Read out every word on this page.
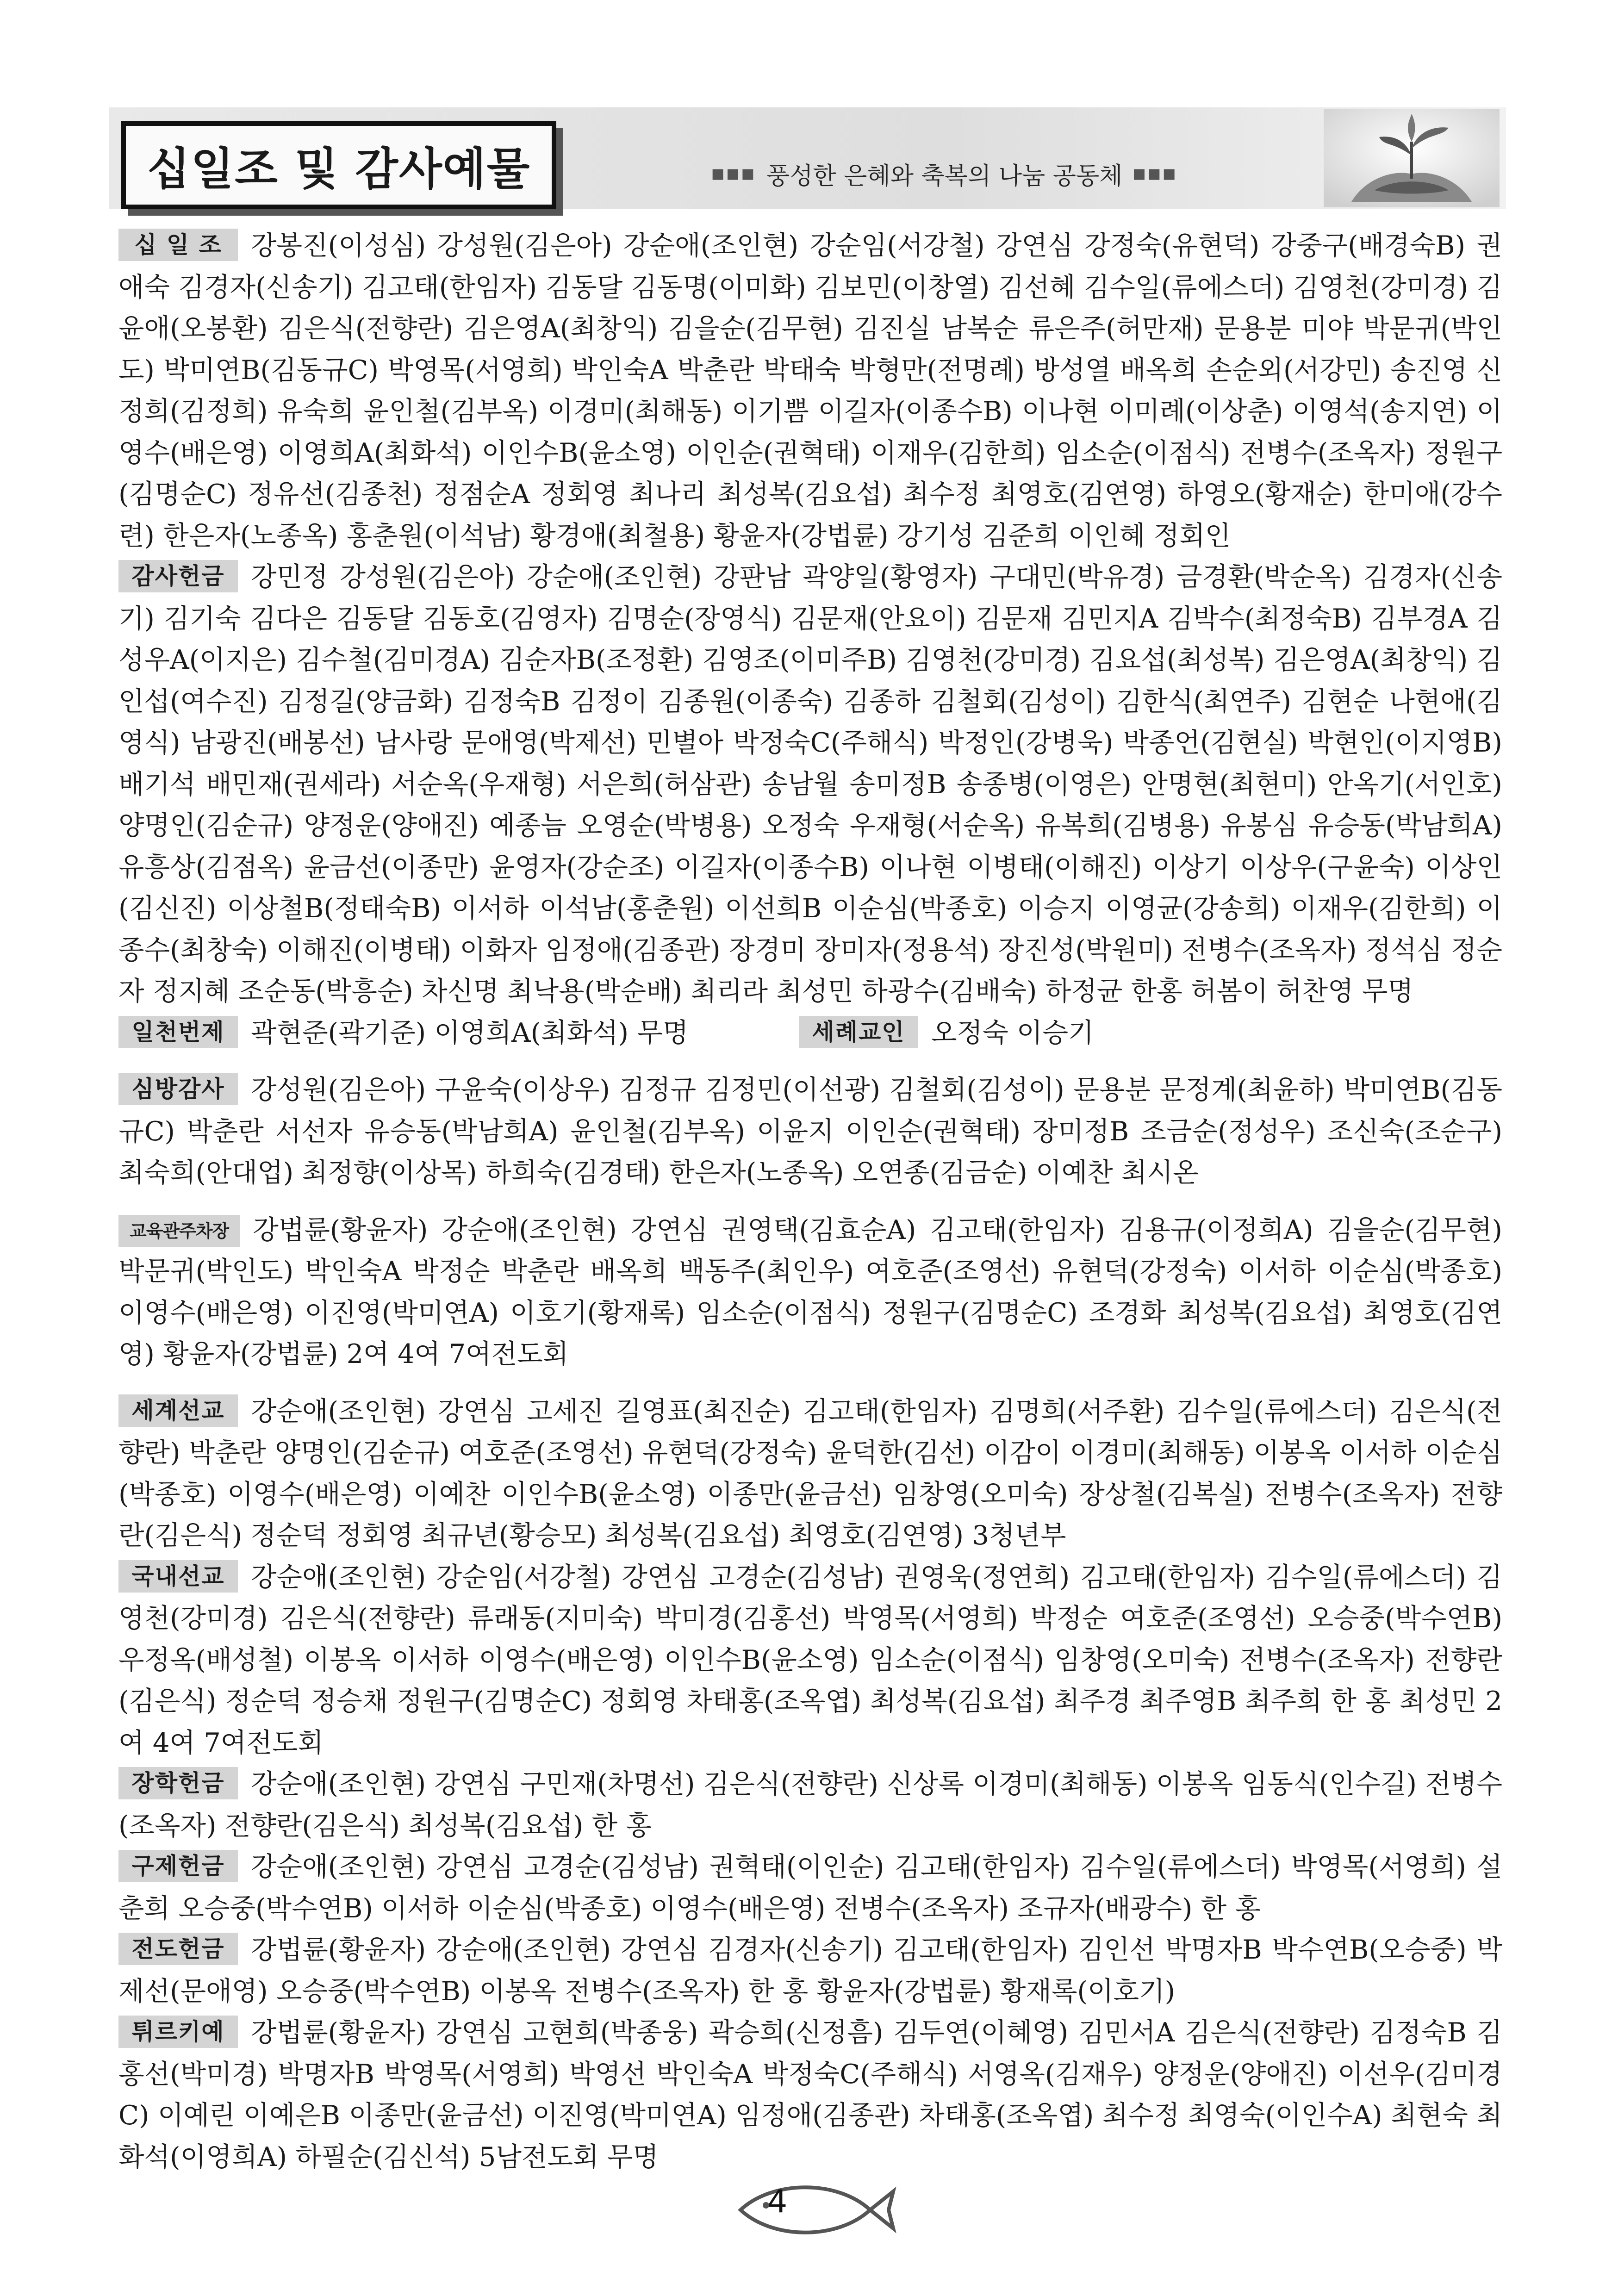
십일조 및 감사예물	■■■ 풍성한 은혜와 축복의 나눔 공동체 ■■■

십 일 조 강봉진(이성심) 강성원(김은아) 강순애(조인현) 강순임(서강철) 강연심 강정숙(유현덕) 강중구(배경숙B) 권애숙 김경자(신송기) 김고태(한임자) 김동달 김동명(이미화) 김보민(이창열) 김선혜 김수일(류에스더) 김영천(강미경) 김윤애(오봉환) 김은식(전향란) 김은영A(최창익) 김을순(김무현) 김진실 남복순 류은주(허만재) 문용분 미야 박문귀(박인도) 박미연B(김동규C) 박영목(서영희) 박인숙A 박춘란 박태숙 박형만(전명례) 방성열 배옥희 손순외(서강민) 송진영 신정희(김정희) 유숙희 윤인철(김부옥) 이경미(최해동) 이기쁨 이길자(이종수B) 이나현 이미례(이상춘) 이영석(송지연) 이영수(배은영) 이영희A(최화석) 이인수B(윤소영) 이인순(권혁태) 이재우(김한희) 임소순(이점식) 전병수(조옥자) 정원구(김명순C) 정유선(김종천) 정점순A 정회영 최나리 최성복(김요섭) 최수정 최영호(김연영) 하영오(황재순) 한미애(강수련) 한은자(노종옥) 홍춘원(이석남) 황경애(최철용) 황윤자(강법륜) 강기성 김준희 이인혜 정회인

감사헌금 강민정 강성원(김은아) 강순애(조인현) 강판남 곽양일(황영자) 구대민(박유경) 금경환(박순옥) 김경자(신송기) 김기숙 김다은 김동달 김동호(김영자) 김명순(장영식) 김문재(안요이) 김문재 김민지A 김박수(최정숙B) 김부경A 김성우A(이지은) 김수철(김미경A) 김순자B(조정환) 김영조(이미주B) 김영천(강미경) 김요섭(최성복) 김은영A(최창익) 김인섭(여수진) 김정길(양금화) 김정숙B 김정이 김종원(이종숙) 김종하 김철회(김성이) 김한식(최연주) 김현순 나현애(김영식) 남광진(배봉선) 남사랑 문애영(박제선) 민별아 박정숙C(주해식) 박정인(강병욱) 박종언(김현실) 박현인(이지영B) 배기석 배민재(권세라) 서순옥(우재형) 서은희(허삼관) 송남월 송미정B 송종병(이영은) 안명현(최현미) 안옥기(서인호) 양명인(김순규) 양정운(양애진) 예종늠 오영순(박병용) 오정숙 우재형(서순옥) 유복희(김병용) 유봉심 유승동(박남희A) 유흥상(김점옥) 윤금선(이종만) 윤영자(강순조) 이길자(이종수B) 이나현 이병태(이해진) 이상기 이상우(구윤숙) 이상인(김신진) 이상철B(정태숙B) 이서하 이석남(홍춘원) 이선희B 이순심(박종호) 이승지 이영균(강송희) 이재우(김한희) 이종수(최창숙) 이해진(이병태) 이화자 임정애(김종관) 장경미 장미자(정용석) 장진성(박원미) 전병수(조옥자) 정석심 정순자 정지혜 조순동(박흥순) 차신명 최낙용(박순배) 최리라 최성민 하광수(김배숙) 하정균 한홍 허봄이 허찬영 무명

일천번제 곽현준(곽기준) 이영희A(최화석) 무명	세례교인 오정숙 이승기

심방감사 강성원(김은아) 구윤숙(이상우) 김정규 김정민(이선광) 김철회(김성이) 문용분 문정계(최윤하) 박미연B(김동규C) 박춘란 서선자 유승동(박남희A) 윤인철(김부옥) 이윤지 이인순(권혁태) 장미정B 조금순(정성우) 조신숙(조순구) 최숙희(안대업) 최정향(이상목) 하희숙(김경태) 한은자(노종옥) 오연종(김금순) 이예찬 최시온

교육관주차장 강법륜(황윤자) 강순애(조인현) 강연심 권영택(김효순A) 김고태(한임자) 김용규(이정희A) 김을순(김무현) 박문귀(박인도) 박인숙A 박정순 박춘란 배옥희 백동주(최인우) 여호준(조영선) 유현덕(강정숙) 이서하 이순심(박종호) 이영수(배은영) 이진영(박미연A) 이호기(황재록) 임소순(이점식) 정원구(김명순C) 조경화 최성복(김요섭) 최영호(김연영) 황윤자(강법륜) 2여 4여 7여전도회

세계선교 강순애(조인현) 강연심 고세진 길영표(최진순) 김고태(한임자) 김명희(서주환) 김수일(류에스더) 김은식(전향란) 박춘란 양명인(김순규) 여호준(조영선) 유현덕(강정숙) 윤덕한(김선) 이감이 이경미(최해동) 이봉옥 이서하 이순심(박종호) 이영수(배은영) 이예찬 이인수B(윤소영) 이종만(윤금선) 임창영(오미숙) 장상철(김복실) 전병수(조옥자) 전향란(김은식) 정순덕 정회영 최규년(황승모) 최성복(김요섭) 최영호(김연영) 3청년부

국내선교 강순애(조인현) 강순임(서강철) 강연심 고경순(김성남) 권영욱(정연희) 김고태(한임자) 김수일(류에스더) 김영천(강미경) 김은식(전향란) 류래동(지미숙) 박미경(김홍선) 박영목(서영희) 박정순 여호준(조영선) 오승중(박수연B) 우정옥(배성철) 이봉옥 이서하 이영수(배은영) 이인수B(윤소영) 임소순(이점식) 임창영(오미숙) 전병수(조옥자) 전향란(김은식) 정순덕 정승채 정원구(김명순C) 정회영 차태홍(조옥엽) 최성복(김요섭) 최주경 최주영B 최주희 한 홍 최성민 2여 4여 7여전도회

장학헌금 강순애(조인현) 강연심 구민재(차명선) 김은식(전향란) 신상록 이경미(최해동) 이봉옥 임동식(인수길) 전병수(조옥자) 전향란(김은식) 최성복(김요섭) 한 홍

구제헌금 강순애(조인현) 강연심 고경순(김성남) 권혁태(이인순) 김고태(한임자) 김수일(류에스더) 박영목(서영희) 설춘희 오승중(박수연B) 이서하 이순심(박종호) 이영수(배은영) 전병수(조옥자) 조규자(배광수) 한 홍

전도헌금 강법륜(황윤자) 강순애(조인현) 강연심 김경자(신송기) 김고태(한임자) 김인선 박명자B 박수연B(오승중) 박제선(문애영) 오승중(박수연B) 이봉옥 전병수(조옥자) 한 홍 황윤자(강법륜) 황재록(이호기)

튀르키예 강법륜(황윤자) 강연심 고현희(박종웅) 곽승희(신정흠) 김두연(이혜영) 김민서A 김은식(전향란) 김정숙B 김홍선(박미경) 박명자B 박영목(서영희) 박영선 박인숙A 박정숙C(주해식) 서영옥(김재우) 양정운(양애진) 이선우(김미경C) 이예린 이예은B 이종만(윤금선) 이진영(박미연A) 임정애(김종관) 차태홍(조옥엽) 최수정 최영숙(이인수A) 최현숙 최화석(이영희A) 하필순(김신석) 5남전도회 무명

4
